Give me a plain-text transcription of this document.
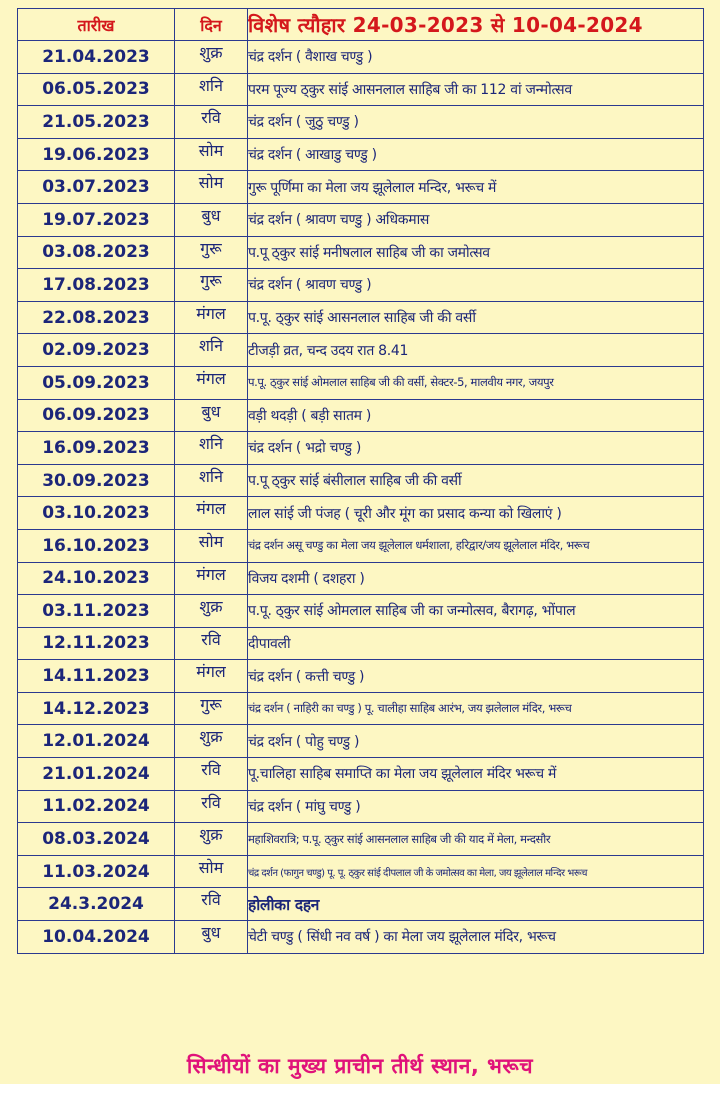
तारीख	दिन	विशेष त्यौहार 24-03-2023 से 10-04-2024
21.04.2023	शुक्र	चंद्र दर्शन ( वैशाख चण्डु )
06.05.2023	शनि	परम पूज्य ठ्कुर सांई आसनलाल साहिब जी का 112 वां जन्मोत्सव
21.05.2023	रवि	चंद्र दर्शन ( जुठु चण्डु )
19.06.2023	सोम	चंद्र दर्शन ( आखाडु चण्डु )
03.07.2023	सोम	गुरू पूर्णिमा का मेला जय झूलेलाल मन्दिर, भरूच में
19.07.2023	बुध	चंद्र दर्शन ( श्रावण चण्डु ) अधिकमास
03.08.2023	गुरू	प.पू ठ्कुर सांई मनीषलाल साहिब जी का जमोत्सव
17.08.2023	गुरू	चंद्र दर्शन ( श्रावण चण्डु )
22.08.2023	मंगल	प.पू. ठ्कुर सांई आसनलाल साहिब जी की वर्सी
02.09.2023	शनि	टीजड़ी व्रत, चन्द उदय रात 8.41
05.09.2023	मंगल	प.पू. ठ्कुर सांई ओमलाल साहिब जी की वर्सी, सेक्टर-5, मालवीय नगर, जयपुर
06.09.2023	बुध	वड़ी थदड़ी ( बड़ी सातम )
16.09.2023	शनि	चंद्र दर्शन ( भद्रो चण्डु )
30.09.2023	शनि	प.पू ठ्कुर सांई बंसीलाल साहिब जी की वर्सी
03.10.2023	मंगल	लाल सांई जी पंजह ( चूरी और मूंग का प्रसाद कन्या को खिलाएं )
16.10.2023	सोम	चंद्र दर्शन असू चण्डु का मेला जय झूलेलाल धर्मशाला, हरिद्वार/जय झूलेलाल मंदिर, भरूच
24.10.2023	मंगल	विजय दशमी ( दशहरा )
03.11.2023	शुक्र	प.पू. ठ्कुर सांई ओमलाल साहिब जी का जन्मोत्सव, बैरागढ़, भोंपाल
12.11.2023	रवि	दीपावली
14.11.2023	मंगल	चंद्र दर्शन ( कत्ती चण्डु )
14.12.2023	गुरू	चंद्र दर्शन ( नाहिरी का चण्डु ) पू. चालीहा साहिब आरंभ, जय झलेलाल मंदिर, भरूच
12.01.2024	शुक्र	चंद्र दर्शन ( पोहु चण्डु )
21.01.2024	रवि	पू.चालिहा साहिब समाप्ति का मेला जय झूलेलाल मंदिर भरूच में
11.02.2024	रवि	चंद्र दर्शन ( मांघु चण्डु )
08.03.2024	शुक्र	महाशिवरात्रि; प.पू. ठ्कुर सांई आसनलाल साहिब जी की याद में मेला, मन्दसौर
11.03.2024	सोम	चंद्र दर्शन (फागुन चण्डु) पू. पू. ठ्कुर सांई दीपलाल जी के जमोत्सव का मेला, जय झूलेलाल मन्दिर भरूच
24.3.2024	रवि	होलीका दहन
10.04.2024	बुध	चेटी चण्डु ( सिंधी नव वर्ष ) का मेला जय झूलेलाल मंदिर, भरूच
सिन्धीयों का मुख्य प्राचीन तीर्थ स्थान, भरूच
